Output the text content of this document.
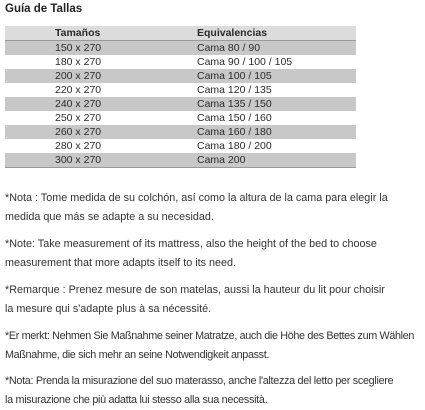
Guía de Tallas
Tamaños	Equivalencias
150 x 270	Cama 80 / 90
180 x 270	Cama 90 / 100 / 105
200 x 270	Cama 100 / 105
220 x 270	Cama 120 / 135
240 x 270	Cama 135 / 150
250 x 270	Cama 150 / 160
260 x 270	Cama 160 / 180
280 x 270	Cama 180 / 200
300 x 270	Cama 200

*Nota : Tome medida de su colchón, así como la altura de la cama para elegir la
medida que más se adapte a su necesidad.

*Note: Take measurement of its mattress, also the height of the bed to choose
measurement that more adapts itself to its need.

*Remarque : Prenez mesure de son matelas, aussi la hauteur du lit pour choisir
la mesure qui s'adapte plus à sa nécessité.

*Er merkt: Nehmen Sie Maßnahme seiner Matratze, auch die Höhe des Bettes zum Wählen
Maßnahme, die sich mehr an seine Notwendigkeit anpasst.

*Nota: Prenda la misurazione del suo materasso, anche l'altezza del letto per scegliere
la misurazione che più adatta lui stesso alla sua necessità.
